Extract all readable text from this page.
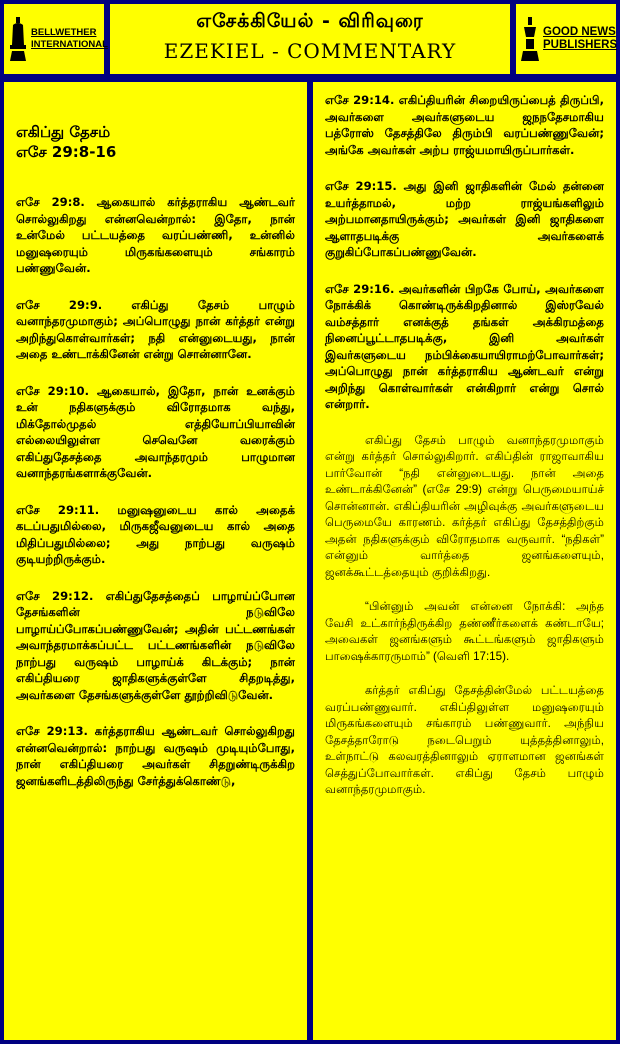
BELLWETHER
INTERNATIONAL
எசேக்கியேல் - விரிவுரை
EZEKIEL - COMMENTARY
GOOD NEWS
PUBLISHERS
எகிப்து தேசம்
எசே 29:8-16

எசே 29:8. ஆகையால் கர்த்தராகிய ஆண்டவர் சொல்லுகிறது என்னவென்றால்: இதோ, நான் உன்மேல் பட்டயத்தை வரப்பண்ணி, உன்னில் மனுஷரையும் மிருகங்களையும் சங்காரம் பண்ணுவேன்.

எசே 29:9. எகிப்து தேசம் பாழும் வனாந்தரமுமாகும்; அப்பொழுது நான் கர்த்தர் என்று அறிந்துகொள்வார்கள்; நதி என்னுடையது, நான் அதை உண்டாக்கினேன் என்று சொன்னானே.

எசே 29:10. ஆகையால், இதோ, நான் உனக்கும் உன் நதிகளுக்கும் விரோதமாக வந்து, மிக்தோல்முதல் எத்தியோப்பியாவின் எல்லையிலுள்ள செவெனே வரைக்கும் எகிப்துதேசத்தை அவாந்தரமும் பாழுமான வனாந்தரங்களாக்குவேன்.

எசே 29:11. மனுஷனுடைய கால் அதைக் கடப்பதுமில்லை, மிருகஜீவனுடைய கால் அதை மிதிப்பதுமில்லை; அது நாற்பது வருஷம் குடியற்றிருக்கும்.

எசே 29:12. எகிப்துதேசத்தைப் பாழாய்ப்போன தேசங்களின் நடுவிலே பாழாய்ப்போகப்பண்ணுவேன்; அதின் பட்டணங்கள் அவாந்தரமாக்கப்பட்ட பட்டணங்களின் நடுவிலே நாற்பது வருஷம் பாழாய்க் கிடக்கும்; நான் எகிப்தியரை ஜாதிகளுக்குள்ளே சிதறடித்து, அவர்களை தேசங்களுக்குள்ளே தூற்றிவிடுவேன்.

எசே 29:13. கர்த்தராகிய ஆண்டவர் சொல்லுகிறது என்னவென்றால்: நாற்பது வருஷம் முடியும்போது, நான் எகிப்தியரை அவர்கள் சிதறுண்டிருக்கிற ஜனங்களிடத்திலிருந்து சேர்த்துக்கொண்டு,

எசே 29:14. எகிப்தியரின் சிறையிருப்பைத் திருப்பி, அவர்களை அவர்களுடைய ஜநநதேசமாகிய பத்ரோஸ் தேசத்திலே திரும்பி வரப்பண்ணுவேன்; அங்கே அவர்கள் அற்ப ராஜ்யமாயிருப்பார்கள்.

எசே 29:15. அது இனி ஜாதிகளின் மேல் தன்னை உயர்த்தாமல், மற்ற ராஜ்யங்களிலும் அற்பமானதாயிருக்கும்; அவர்கள் இனி ஜாதிகளை ஆளாதபடிக்கு அவர்களைக் குறுகிப்போகப்பண்ணுவேன்.

எசே 29:16. அவர்களின் பிறகே போய், அவர்களை நோக்கிக் கொண்டிருக்கிறதினால் இஸ்ரவேல் வம்சத்தார் எனக்குத் தங்கள் அக்கிரமத்தை நினைப்பூட்டாதபடிக்கு, இனி அவர்கள் இவர்களுடைய நம்பிக்கையாயிராமற்போவார்கள்; அப்பொழுது நான் கர்த்தராகிய ஆண்டவர் என்று அறிந்து கொள்வார்கள் என்கிறார் என்று சொல் என்றார்.

எகிப்து தேசம் பாழும் வனாந்தரமுமாகும் என்று கர்த்தர் சொல்லுகிறார். எகிப்தின் ராஜாவாகிய பார்வோன் “நதி என்னுடையது. நான் அதை உண்டாக்கினேன்” (எசே 29:9) என்று பெருமையாய்ச் சொன்னான். எகிப்தியரின் அழிவுக்கு அவர்களுடைய பெருமையே காரணம். கர்த்தர் எகிப்து தேசத்திற்கும் அதன் நதிகளுக்கும் விரோதமாக வருவார். “நதிகள்” என்னும் வார்த்தை ஜனங்களையும், ஜனக்கூட்டத்தையும் குறிக்கிறது.

“பின்னும் அவன் என்னை நோக்கி: அந்த வேசி உட்கார்ந்திருக்கிற தண்ணீர்களைக் கண்டாயே; அவைகள் ஜனங்களும் கூட்டங்களும் ஜாதிகளும் பாஷைக்காரருமாம்” (வெளி 17:15).

கர்த்தர் எகிப்து தேசத்தின்மேல் பட்டயத்தை வரப்பண்ணுவார். எகிப்திலுள்ள மனுஷரையும் மிருகங்களையும் சங்காரம் பண்ணுவார். அந்நிய தேசத்தாரோடு நடைபெறும் யுத்தத்தினாலும், உள்நாட்டு கலவரத்தினாலும் ஏராளமான ஜனங்கள் செத்துப்போவார்கள். எகிப்து தேசம் பாழும் வனாந்தரமுமாகும்.
